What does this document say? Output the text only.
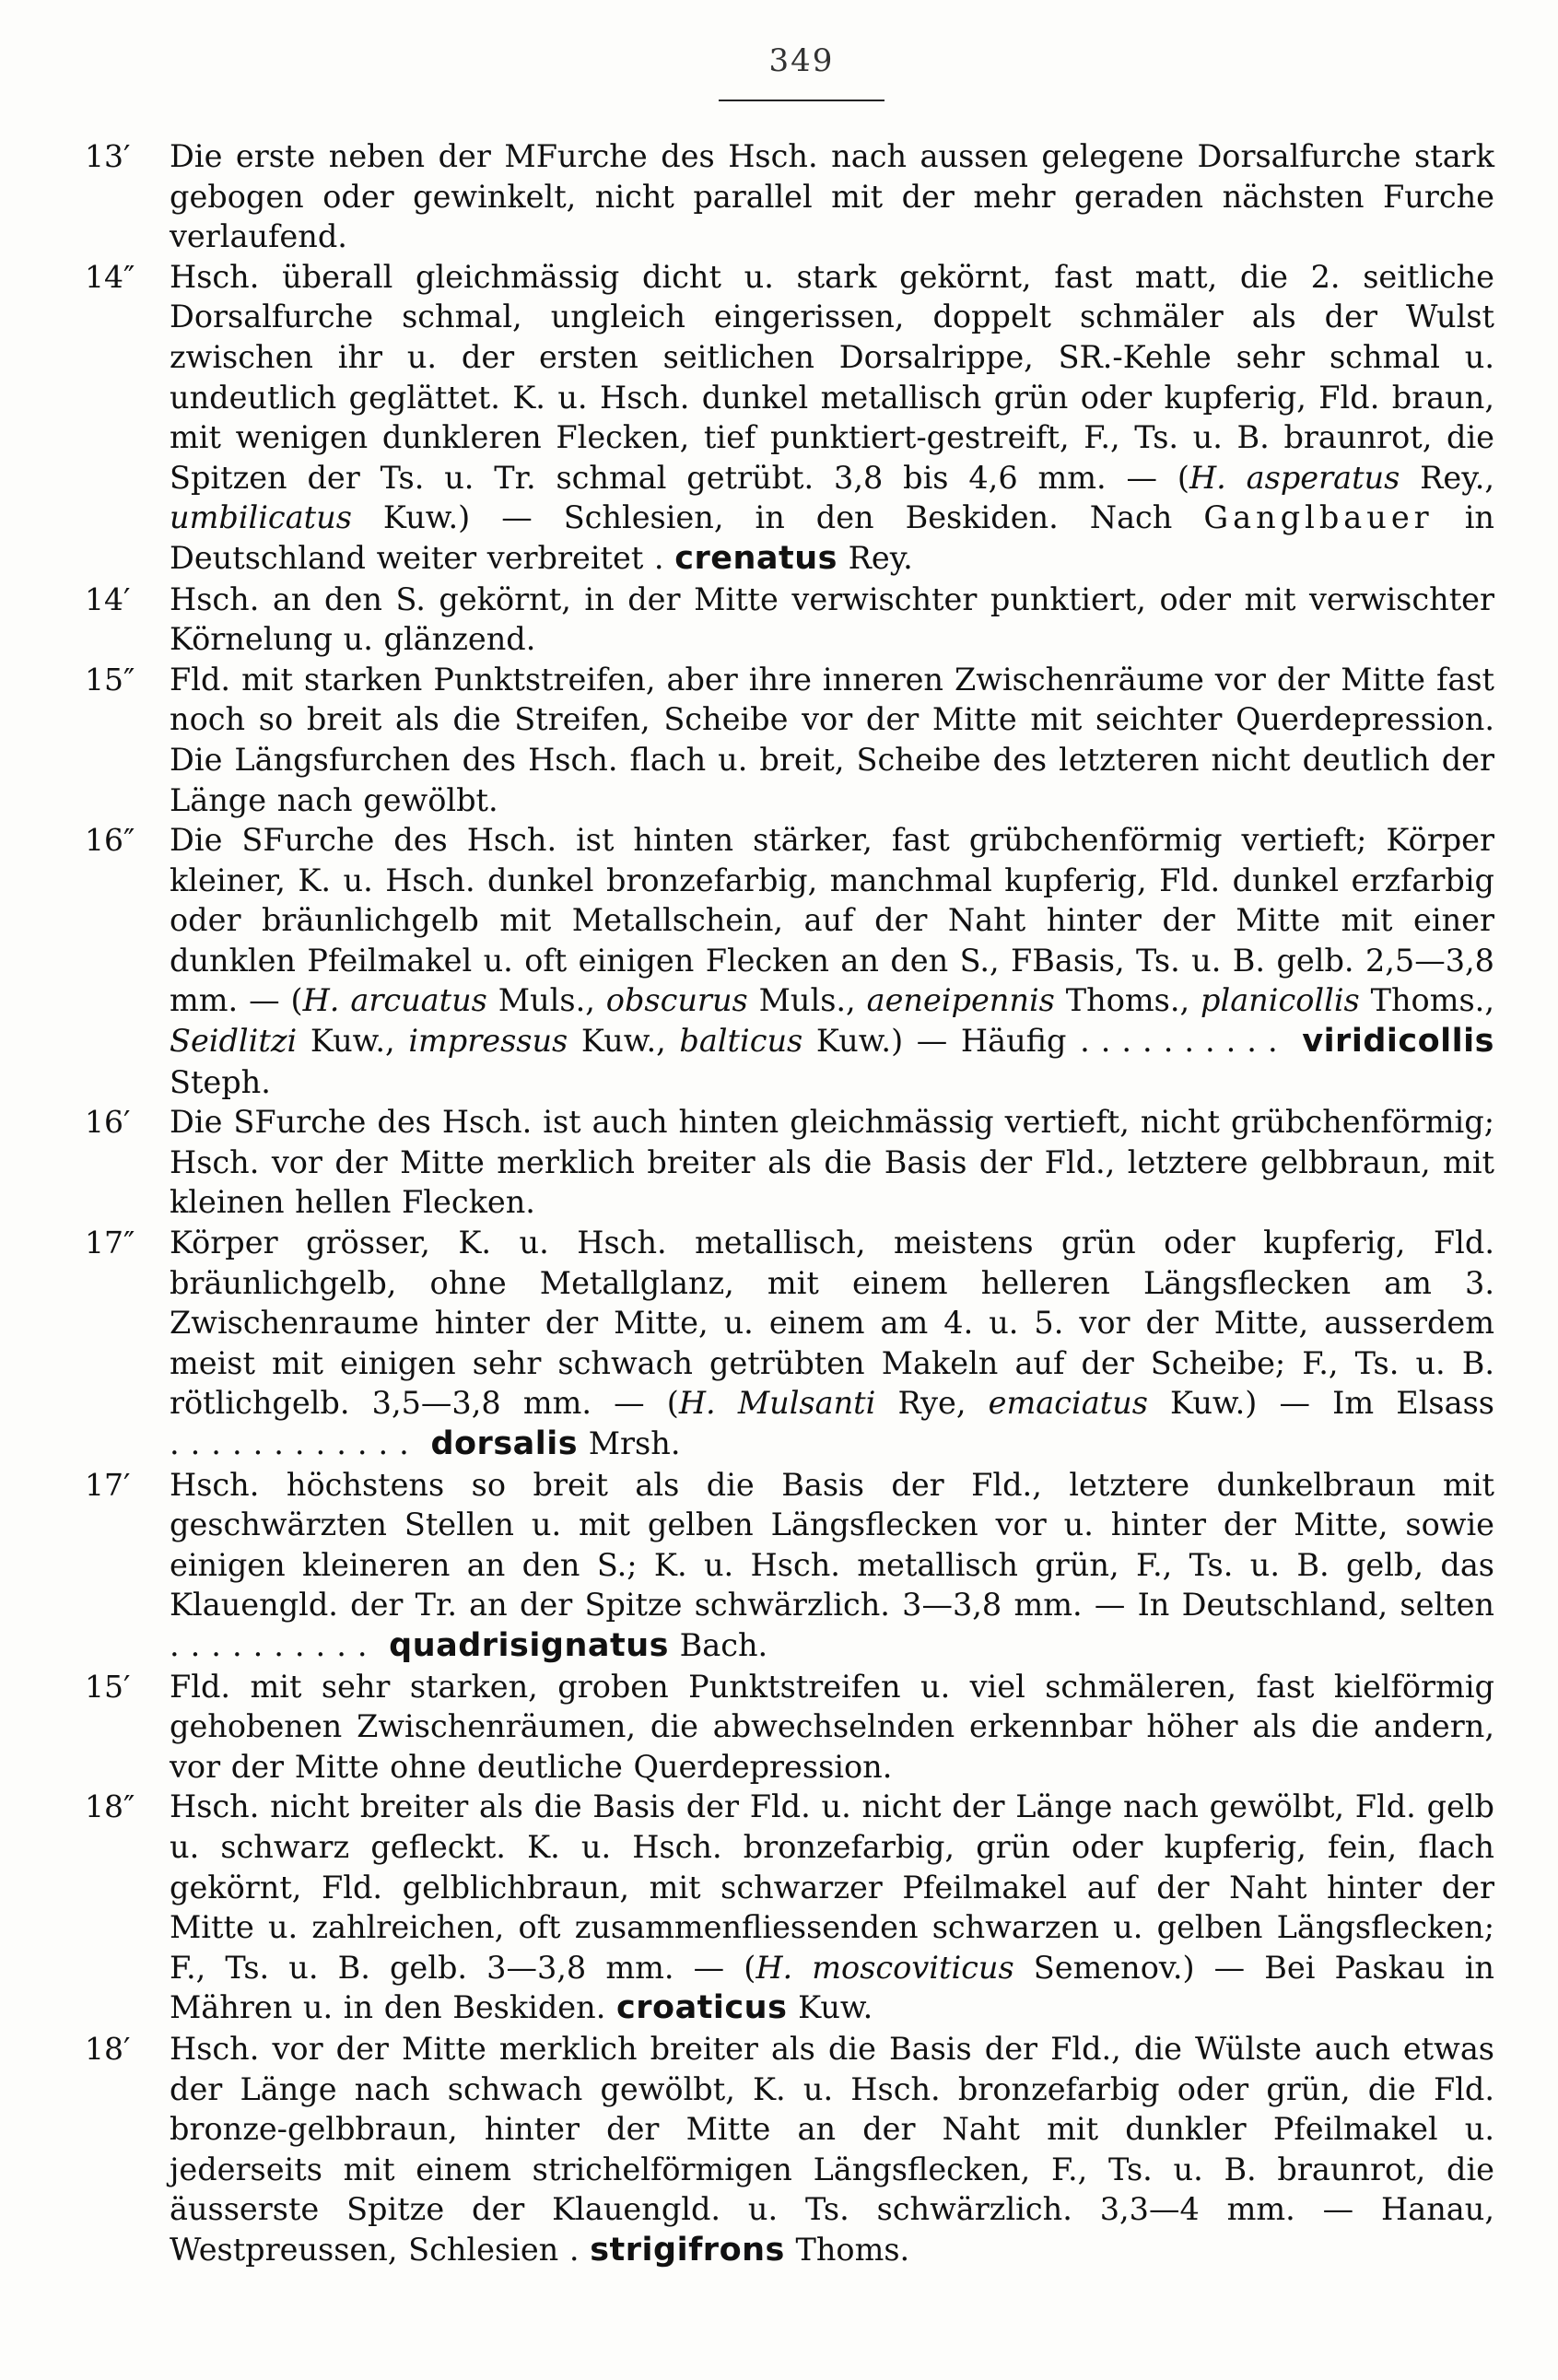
349
13′	Die erste neben der MFurche des Hsch. nach aussen gelegene Dorsalfurche stark gebogen oder gewinkelt, nicht parallel mit der mehr geraden nächsten Furche verlaufend.
14″	Hsch. überall gleichmässig dicht u. stark gekörnt, fast matt, die 2. seitliche Dorsalfurche schmal, ungleich eingerissen, doppelt schmäler als der Wulst zwischen ihr u. der ersten seitlichen Dorsalrippe, SR.-Kehle sehr schmal u. undeutlich geglättet. K. u. Hsch. dunkel metallisch grün oder kupferig, Fld. braun, mit wenigen dunkleren Flecken, tief punktiert-gestreift, F., Ts. u. B. braunrot, die Spitzen der Ts. u. Tr. schmal getrübt. 3,8 bis 4,6 mm. — (H. asperatus Rey., umbilicatus Kuw.) — Schlesien, in den Beskiden. Nach Ganglbauer in Deutschland weiter verbreitet . crenatus Rey.
14′	Hsch. an den S. gekörnt, in der Mitte verwischter punktiert, oder mit verwischter Körnelung u. glänzend.
15″	Fld. mit starken Punktstreifen, aber ihre inneren Zwischenräume vor der Mitte fast noch so breit als die Streifen, Scheibe vor der Mitte mit seichter Querdepression. Die Längsfurchen des Hsch. flach u. breit, Scheibe des letzteren nicht deutlich der Länge nach gewölbt.
16″	Die SFurche des Hsch. ist hinten stärker, fast grübchenförmig vertieft; Körper kleiner, K. u. Hsch. dunkel bronzefarbig, manchmal kupferig, Fld. dunkel erzfarbig oder bräunlichgelb mit Metallschein, auf der Naht hinter der Mitte mit einer dunklen Pfeilmakel u. oft einigen Flecken an den S., FBasis, Ts. u. B. gelb. 2,5—3,8 mm. — (H. arcuatus Muls., obscurus Muls., aeneipennis Thoms., planicollis Thoms., Seidlitzi Kuw., impressus Kuw., balticus Kuw.) — Häufig .......... viridicollis Steph.
16′	Die SFurche des Hsch. ist auch hinten gleichmässig vertieft, nicht grübchenförmig; Hsch. vor der Mitte merklich breiter als die Basis der Fld., letztere gelbbraun, mit kleinen hellen Flecken.
17″	Körper grösser, K. u. Hsch. metallisch, meistens grün oder kupferig, Fld. bräunlichgelb, ohne Metallglanz, mit einem helleren Längsflecken am 3. Zwischenraume hinter der Mitte, u. einem am 4. u. 5. vor der Mitte, ausserdem meist mit einigen sehr schwach getrübten Makeln auf der Scheibe; F., Ts. u. B. rötlichgelb. 3,5—3,8 mm. — (H. Mulsanti Rye, emaciatus Kuw.) — Im Elsass ............ dorsalis Mrsh.
17′	Hsch. höchstens so breit als die Basis der Fld., letztere dunkelbraun mit geschwärzten Stellen u. mit gelben Längsflecken vor u. hinter der Mitte, sowie einigen kleineren an den S.; K. u. Hsch. metallisch grün, F., Ts. u. B. gelb, das Klauengld. der Tr. an der Spitze schwärzlich. 3—3,8 mm. — In Deutschland, selten .......... quadrisignatus Bach.
15′	Fld. mit sehr starken, groben Punktstreifen u. viel schmäleren, fast kielförmig gehobenen Zwischenräumen, die abwechselnden erkennbar höher als die andern, vor der Mitte ohne deutliche Querdepression.
18″	Hsch. nicht breiter als die Basis der Fld. u. nicht der Länge nach gewölbt, Fld. gelb u. schwarz gefleckt. K. u. Hsch. bronzefarbig, grün oder kupferig, fein, flach gekörnt, Fld. gelblichbraun, mit schwarzer Pfeilmakel auf der Naht hinter der Mitte u. zahlreichen, oft zusammenfliessenden schwarzen u. gelben Längsflecken; F., Ts. u. B. gelb. 3—3,8 mm. — (H. moscoviticus Semenov.) — Bei Paskau in Mähren u. in den Beskiden. croaticus Kuw.
18′	Hsch. vor der Mitte merklich breiter als die Basis der Fld., die Wülste auch etwas der Länge nach schwach gewölbt, K. u. Hsch. bronzefarbig oder grün, die Fld. bronze-gelbbraun, hinter der Mitte an der Naht mit dunkler Pfeilmakel u. jederseits mit einem strichelförmigen Längsflecken, F., Ts. u. B. braunrot, die äusserste Spitze der Klauengld. u. Ts. schwärzlich. 3,3—4 mm. — Hanau, Westpreussen, Schlesien . strigifrons Thoms.
